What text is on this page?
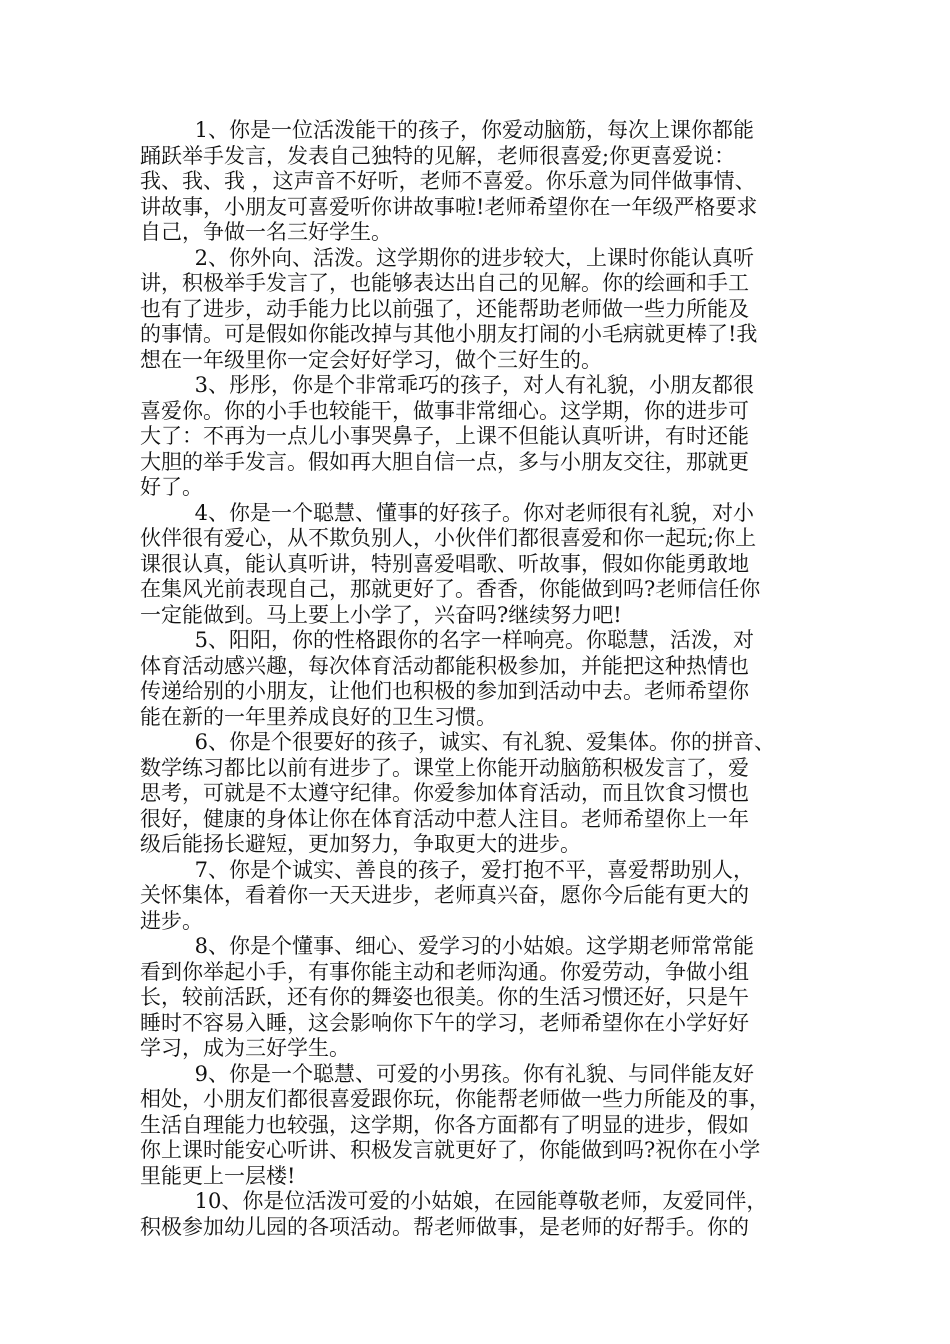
1、你是一位活泼能干的孩子，你爱动脑筋，每次上课你都能
踊跃举手发言，发表自己独特的见解，老师很喜爱;你更喜爱说：
我、我、我 ，这声音不好听，老师不喜爱。你乐意为同伴做事情、
讲故事，小朋友可喜爱听你讲故事啦!老师希望你在一年级严格要求
自己，争做一名三好学生。

2、你外向、活泼。这学期你的进步较大，上课时你能认真听
讲，积极举手发言了，也能够表达出自己的见解。你的绘画和手工
也有了进步，动手能力比以前强了，还能帮助老师做一些力所能及
的事情。可是假如你能改掉与其他小朋友打闹的小毛病就更棒了!我
想在一年级里你一定会好好学习，做个三好生的。

3、彤彤，你是个非常乖巧的孩子，对人有礼貌，小朋友都很
喜爱你。你的小手也较能干，做事非常细心。这学期，你的进步可
大了：不再为一点儿小事哭鼻子，上课不但能认真听讲，有时还能
大胆的举手发言。假如再大胆自信一点，多与小朋友交往，那就更
好了。

4、你是一个聪慧、懂事的好孩子。你对老师很有礼貌，对小
伙伴很有爱心，从不欺负别人，小伙伴们都很喜爱和你一起玩;你上
课很认真，能认真听讲，特别喜爱唱歌、听故事，假如你能勇敢地
在集风光前表现自己，那就更好了。香香，你能做到吗?老师信任你
一定能做到。马上要上小学了，兴奋吗?继续努力吧!

5、阳阳，你的性格跟你的名字一样响亮。你聪慧，活泼，对
体育活动感兴趣，每次体育活动都能积极参加，并能把这种热情也
传递给别的小朋友，让他们也积极的参加到活动中去。老师希望你
能在新的一年里养成良好的卫生习惯。

6、你是个很要好的孩子，诚实、有礼貌、爱集体。你的拼音、
数学练习都比以前有进步了。课堂上你能开动脑筋积极发言了，爱
思考，可就是不太遵守纪律。你爱参加体育活动，而且饮食习惯也
很好，健康的身体让你在体育活动中惹人注目。老师希望你上一年
级后能扬长避短，更加努力，争取更大的进步。

7、你是个诚实、善良的孩子，爱打抱不平，喜爱帮助别人，
关怀集体，看着你一天天进步，老师真兴奋，愿你今后能有更大的
进步。

8、你是个懂事、细心、爱学习的小姑娘。这学期老师常常能
看到你举起小手，有事你能主动和老师沟通。你爱劳动，争做小组
长，较前活跃，还有你的舞姿也很美。你的生活习惯还好，只是午
睡时不容易入睡，这会影响你下午的学习，老师希望你在小学好好
学习，成为三好学生。

9、你是一个聪慧、可爱的小男孩。你有礼貌、与同伴能友好
相处，小朋友们都很喜爱跟你玩，你能帮老师做一些力所能及的事，
生活自理能力也较强，这学期，你各方面都有了明显的进步，假如
你上课时能安心听讲、积极发言就更好了，你能做到吗?祝你在小学
里能更上一层楼!

10、你是位活泼可爱的小姑娘，在园能尊敬老师，友爱同伴，
积极参加幼儿园的各项活动。帮老师做事，是老师的好帮手。你的
